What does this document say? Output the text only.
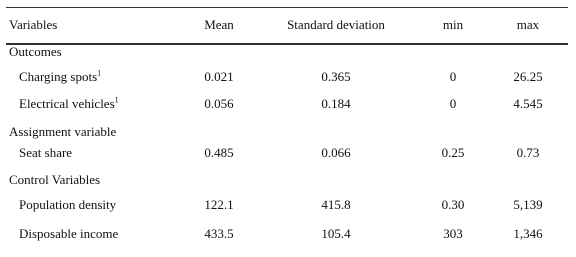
Variables	Mean	Standard deviation	min	max
Outcomes
Charging spots$^1$	0.021	0.365	0	26.25
Electrical vehicles$^1$	0.056	0.184	0	4.545
Assignment variable
Seat share	0.485	0.066	0.25	0.73
Control Variables
Population density	122.1	415.8	0.30	5,139
Disposable income	433.5	105.4	303	1,346
